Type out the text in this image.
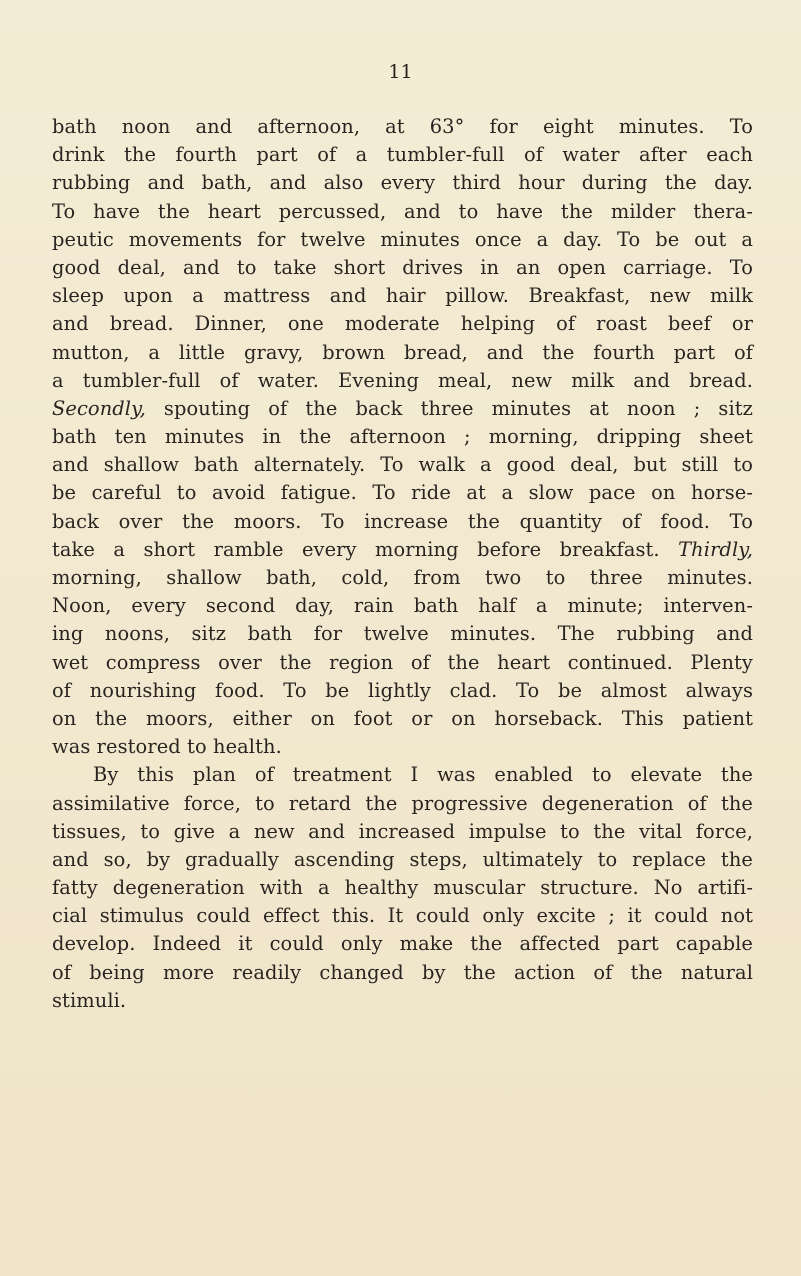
11
bath noon and afternoon, at 63° for eight minutes. To
drink the fourth part of a tumbler-full of water after each
rubbing and bath, and also every third hour during the day.
To have the heart percussed, and to have the milder thera-
peutic movements for twelve minutes once a day. To be out a
good deal, and to take short drives in an open carriage. To
sleep upon a mattress and hair pillow. Breakfast, new milk
and bread. Dinner, one moderate helping of roast beef or
mutton, a little gravy, brown bread, and the fourth part of
a tumbler-full of water. Evening meal, new milk and bread.
Secondly, spouting of the back three minutes at noon ; sitz
bath ten minutes in the afternoon ; morning, dripping sheet
and shallow bath alternately. To walk a good deal, but still to
be careful to avoid fatigue. To ride at a slow pace on horse-
back over the moors. To increase the quantity of food. To
take a short ramble every morning before breakfast. Thirdly,
morning, shallow bath, cold, from two to three minutes.
Noon, every second day, rain bath half a minute; interven-
ing noons, sitz bath for twelve minutes. The rubbing and
wet compress over the region of the heart continued. Plenty
of nourishing food. To be lightly clad. To be almost always
on the moors, either on foot or on horseback. This patient
was restored to health.
By this plan of treatment I was enabled to elevate the
assimilative force, to retard the progressive degeneration of the
tissues, to give a new and increased impulse to the vital force,
and so, by gradually ascending steps, ultimately to replace the
fatty degeneration with a healthy muscular structure. No artifi-
cial stimulus could effect this. It could only excite ; it could not
develop. Indeed it could only make the affected part capable
of being more readily changed by the action of the natural
stimuli.
